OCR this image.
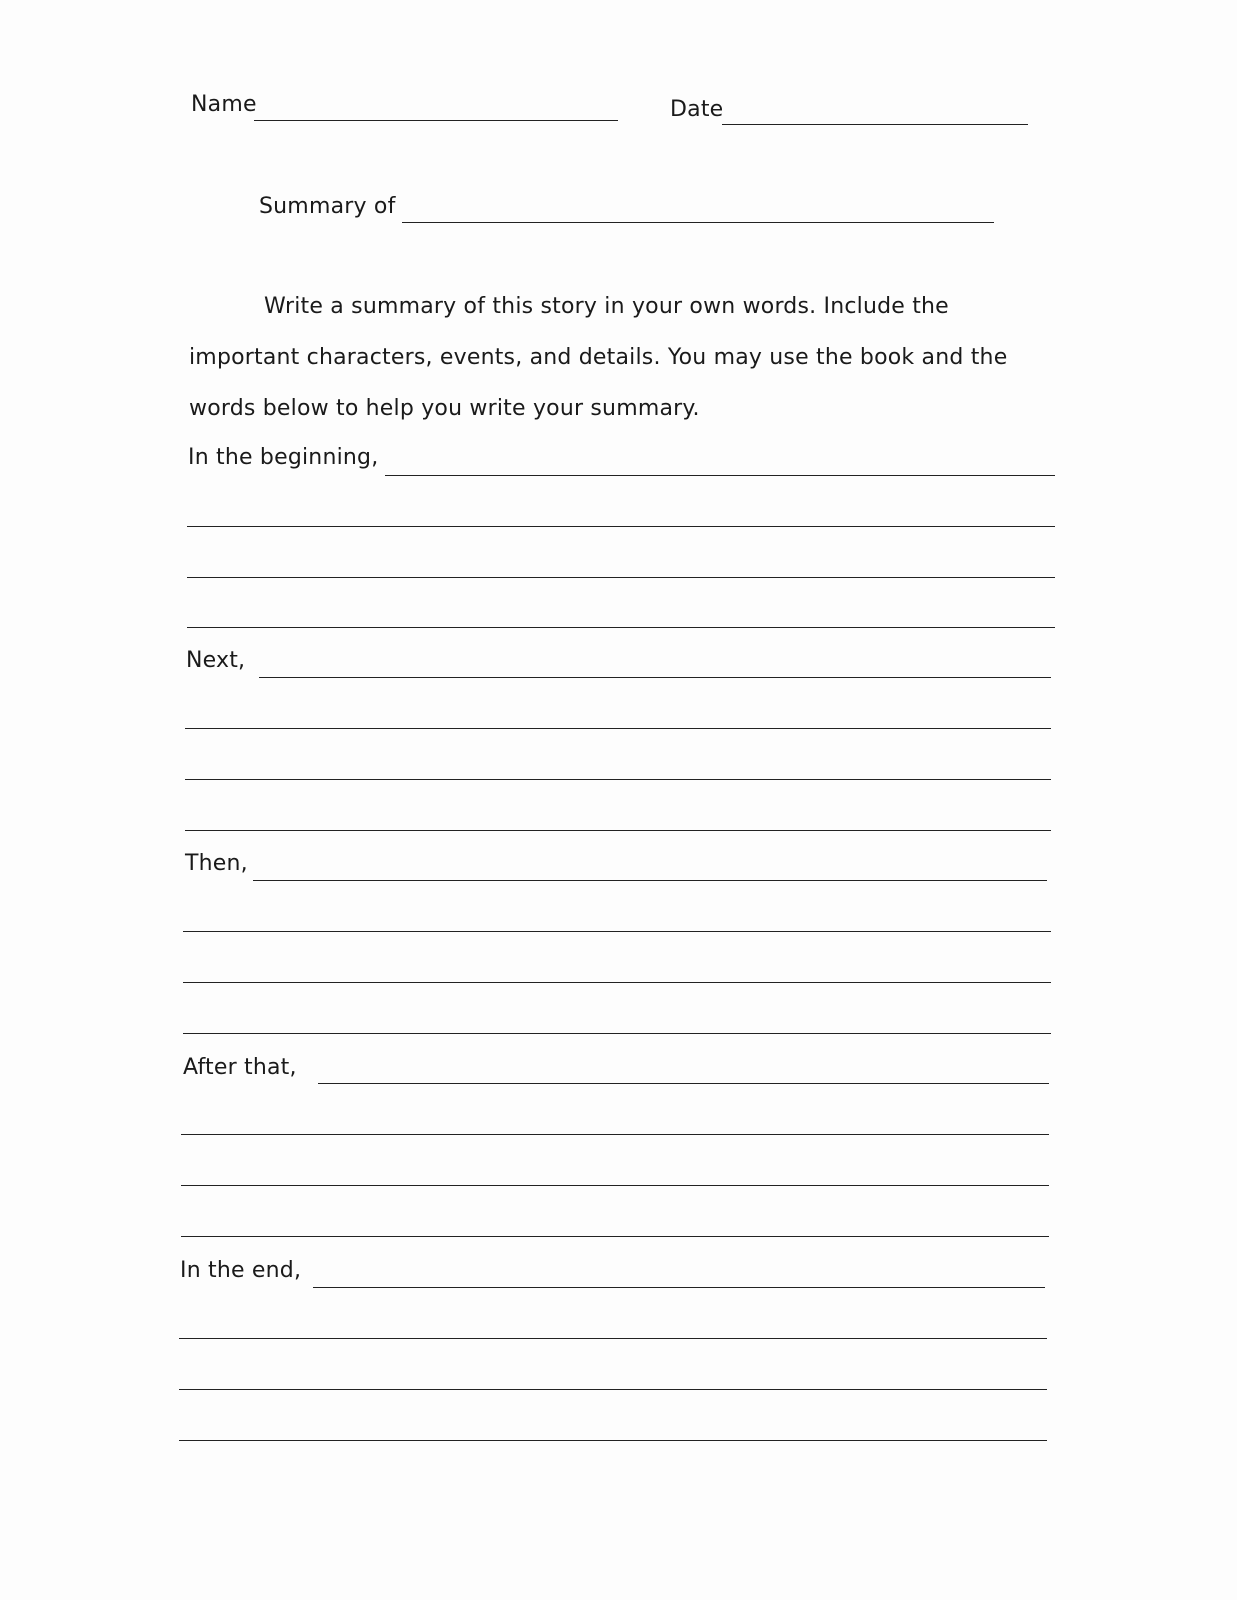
Name	Date
Summary of
Write a summary of this story in your own words. Include the
important characters, events, and details. You may use the book and the
words below to help you write your summary.
In the beginning,
Next,
Then,
After that,
In the end,
